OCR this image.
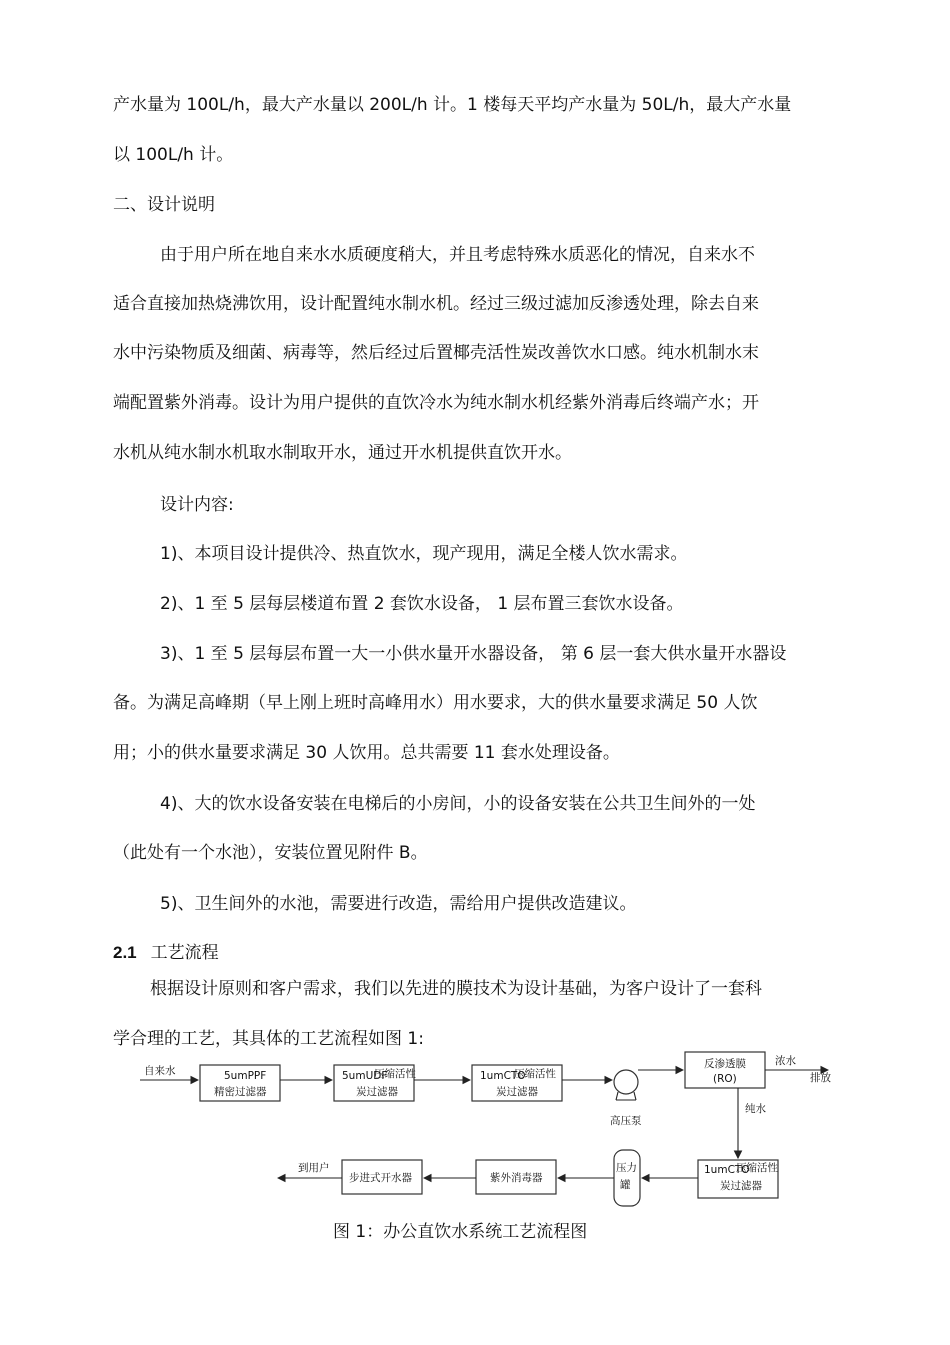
产水量为 100L/h，最大产水量以 200L/h 计。1 楼每天平均产水量为 50L/h，最大产水量
以 100L/h 计。
二、设计说明
由于用户所在地自来水水质硬度稍大，并且考虑特殊水质恶化的情况，自来水不
适合直接加热烧沸饮用，设计配置纯水制水机。经过三级过滤加反渗透处理，除去自来
水中污染物质及细菌、病毒等，然后经过后置椰壳活性炭改善饮水口感。纯水机制水末
端配置紫外消毒。设计为用户提供的直饮冷水为纯水制水机经紫外消毒后终端产水；开
水机从纯水制水机取水制取开水，通过开水机提供直饮开水。
设计内容:
1)、本项目设计提供冷、热直饮水，现产现用，满足全楼人饮水需求。
2)、1 至 5 层每层楼道布置 2 套饮水设备， 1 层布置三套饮水设备。
3)、1 至 5 层每层布置一大一小供水量开水器设备， 第 6 层一套大供水量开水器设
备。为满足高峰期（早上刚上班时高峰用水）用水要求，大的供水量要求满足 50 人饮
用；小的供水量要求满足 30 人饮用。总共需要 11 套水处理设备。
4)、大的饮水设备安装在电梯后的小房间，小的设备安装在公共卫生间外的一处
（此处有一个水池），安装位置见附件 B。
5)、卫生间外的水池，需要进行改造，需给用户提供改造建议。
2.1 工艺流程
根据设计原则和客户需求，我们以先进的膜技术为设计基础，为客户设计了一套科
学合理的工艺，其具体的工艺流程如图 1:
自来水	5umPPF
精密过滤器
5umUDF
压缩活性
炭过滤器
1umCTO
压缩活性
炭过滤器
高压泵
反渗透膜
(RO)
浓水
排放
纯水
1umCTO
压缩活性
炭过滤器
压力
罐
紫外消毒器
步进式开水器
到用户
图 1：办公直饮水系统工艺流程图
